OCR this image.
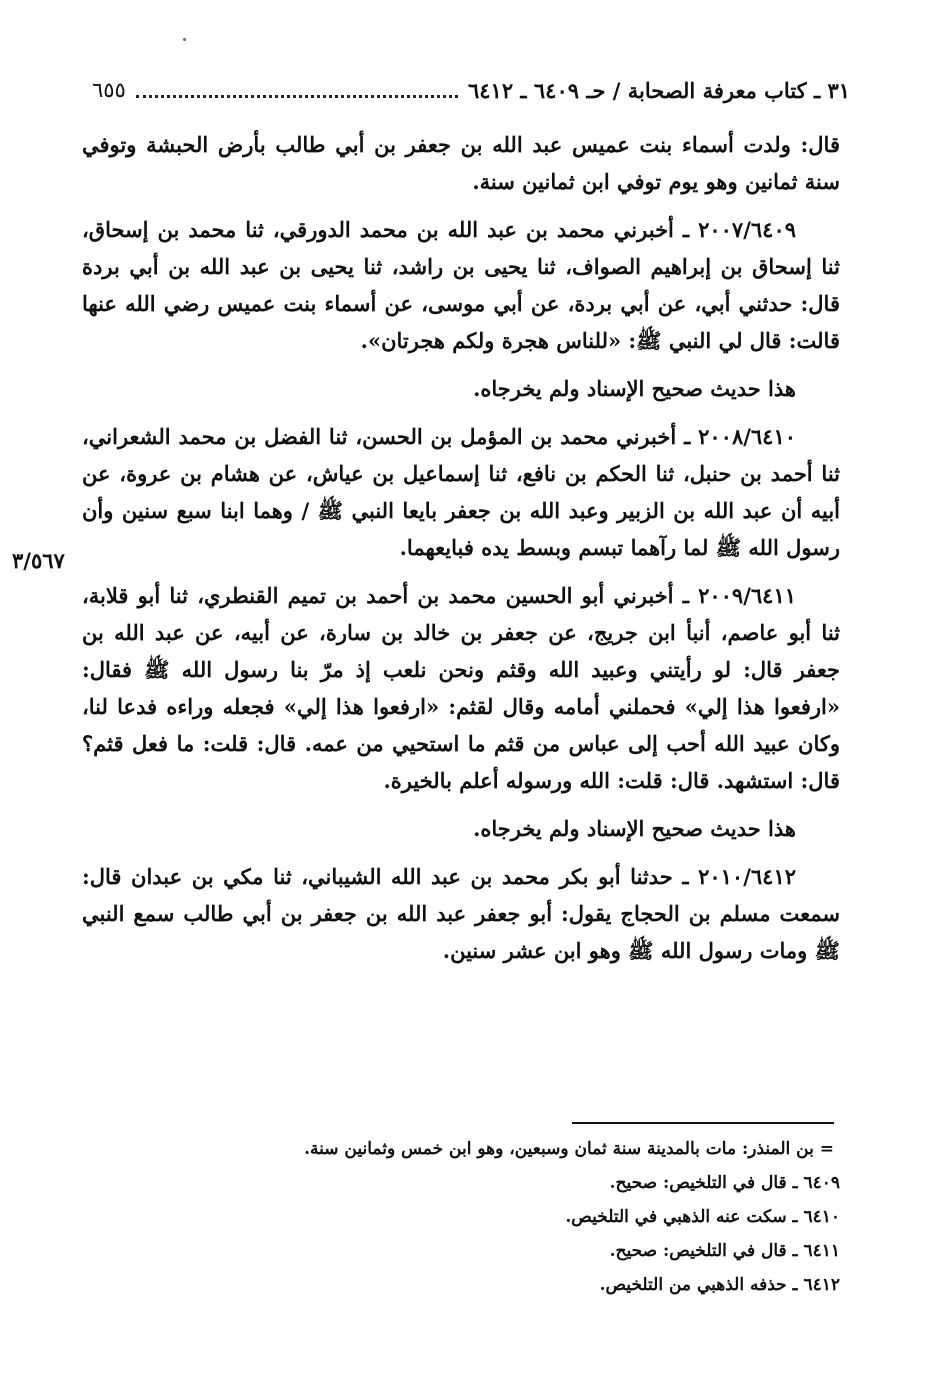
٣١ ـ كتاب معرفة الصحابة / حـ ٦٤٠٩ ـ ٦٤١٢
٦٥٥

قال: ولدت أسماء بنت عميس عبد الله بن جعفر بن أبي طالب بأرض الحبشة وتوفي سنة ثمانين وهو يوم توفي ابن ثمانين سنة.

٢٠٠٧/٦٤٠٩ ـ أخبرني محمد بن عبد الله بن محمد الدورقي، ثنا محمد بن إسحاق، ثنا إسحاق بن إبراهيم الصواف، ثنا يحيى بن راشد، ثنا يحيى بن عبد الله بن أبي بردة قال: حدثني أبي، عن أبي بردة، عن أبي موسى، عن أسماء بنت عميس رضي الله عنها قالت: قال لي النبي ﷺ: «للناس هجرة ولكم هجرتان».

هذا حديث صحيح الإسناد ولم يخرجاه.

٢٠٠٨/٦٤١٠ ـ أخبرني محمد بن المؤمل بن الحسن، ثنا الفضل بن محمد الشعراني، ثنا أحمد بن حنبل، ثنا الحكم بن نافع، ثنا إسماعيل بن عياش، عن هشام بن عروة، عن أبيه أن عبد الله بن الزبير وعبد الله بن جعفر بايعا النبي ﷺ / وهما ابنا سبع سنين وأن رسول الله ﷺ لما رآهما تبسم وبسط يده فبايعهما.

٢٠٠٩/٦٤١١ ـ أخبرني أبو الحسين محمد بن أحمد بن تميم القنطري، ثنا أبو قلابة، ثنا أبو عاصم، أنبأ ابن جريج، عن جعفر بن خالد بن سارة، عن أبيه، عن عبد الله بن جعفر قال: لو رأيتني وعبيد الله وقثم ونحن نلعب إذ مرّ بنا رسول الله ﷺ فقال: «ارفعوا هذا إلي» فحملني أمامه وقال لقثم: «ارفعوا هذا إلي» فجعله وراءه فدعا لنا، وكان عبيد الله أحب إلى عباس من قثم ما استحيي من عمه. قال: قلت: ما فعل قثم؟ قال: استشهد. قال: قلت: الله ورسوله أعلم بالخيرة.

هذا حديث صحيح الإسناد ولم يخرجاه.

٢٠١٠/٦٤١٢ ـ حدثنا أبو بكر محمد بن عبد الله الشيباني، ثنا مكي بن عبدان قال: سمعت مسلم بن الحجاج يقول: أبو جعفر عبد الله بن جعفر بن أبي طالب سمع النبي ﷺ ومات رسول الله ﷺ وهو ابن عشر سنين.

٣/٥٦٧

= بن المنذر: مات بالمدينة سنة ثمان وسبعين، وهو ابن خمس وثمانين سنة.

٦٤٠٩ ـ قال في التلخيص: صحيح.

٦٤١٠ ـ سكت عنه الذهبي في التلخيص.

٦٤١١ ـ قال في التلخيص: صحيح.

٦٤١٢ ـ حذفه الذهبي من التلخيص.
